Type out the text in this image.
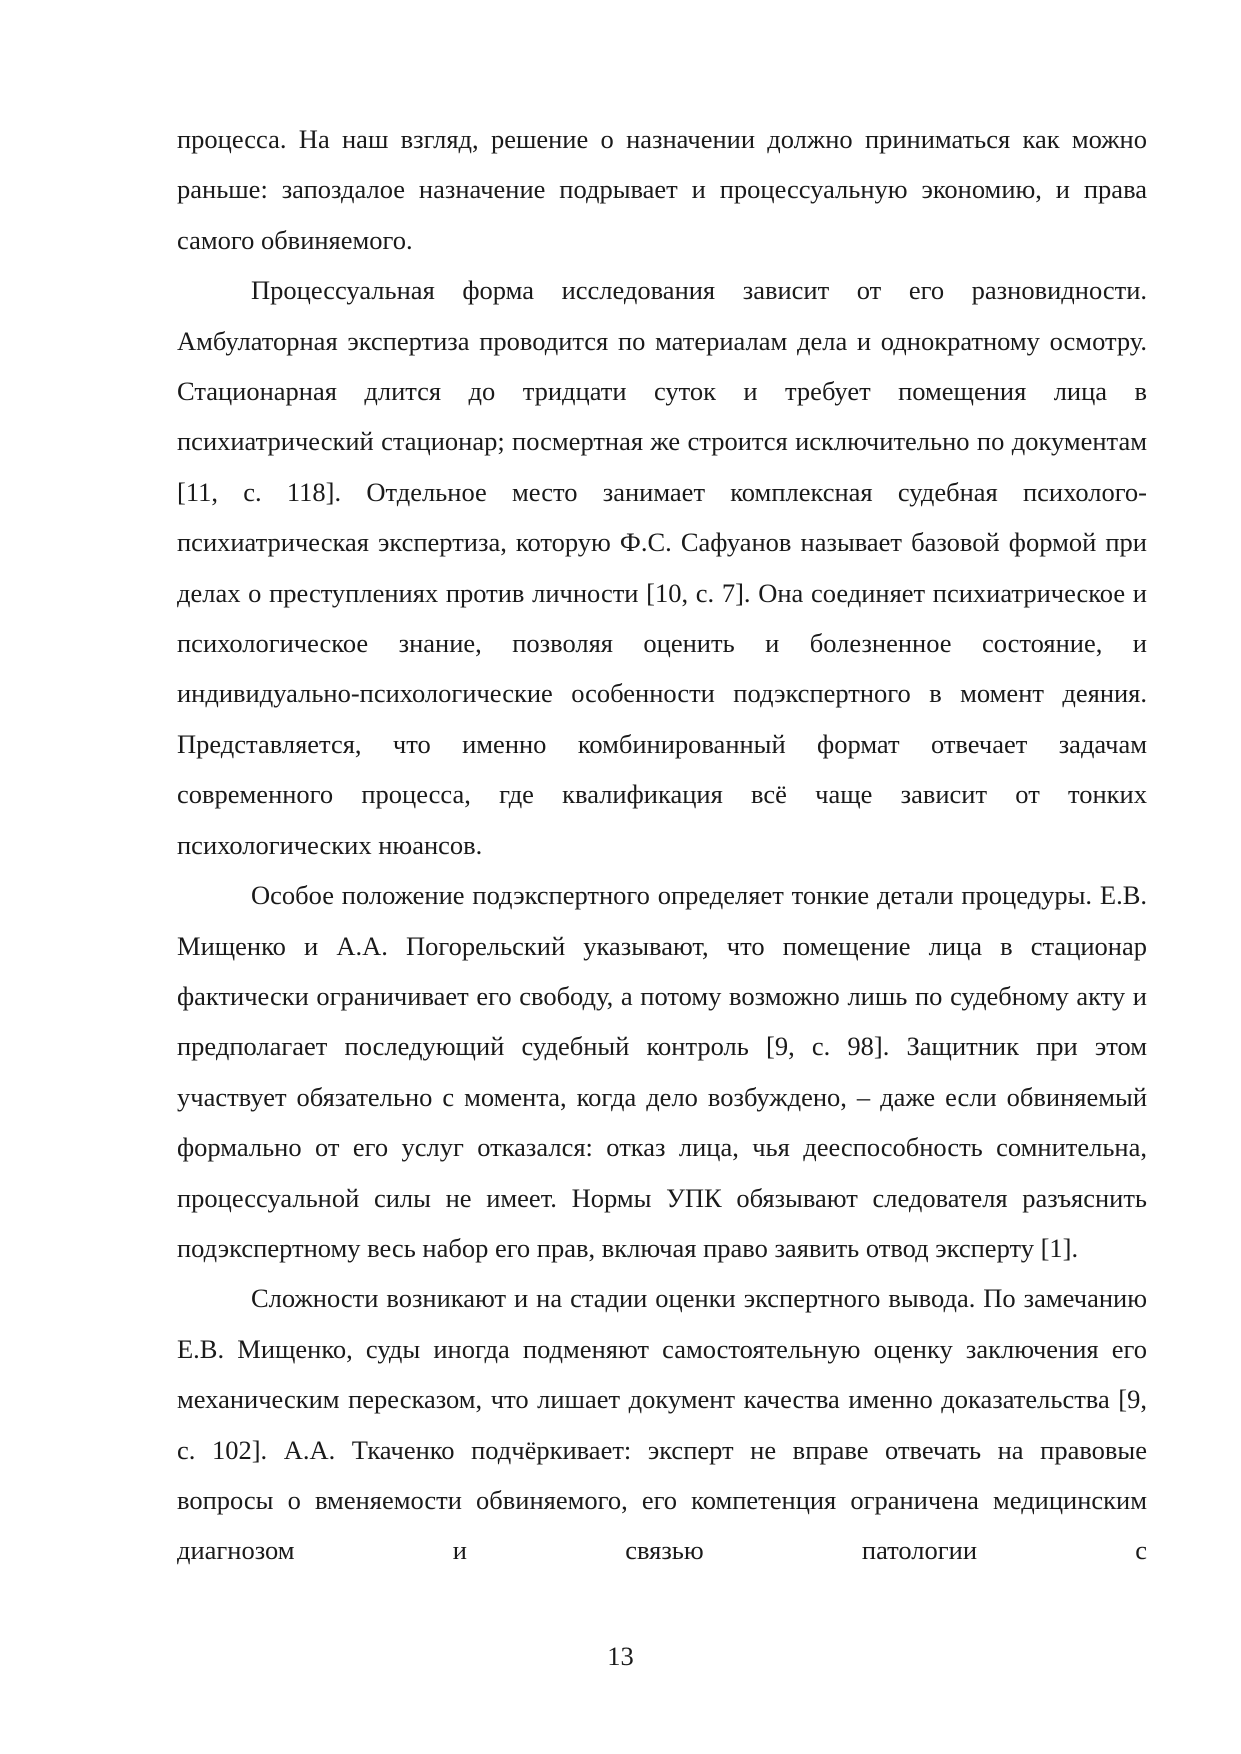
процесса. На наш взгляд, решение о назначении должно приниматься как можно раньше: запоздалое назначение подрывает и процессуальную экономию, и права самого обвиняемого.

Процессуальная форма исследования зависит от его разновидности. Амбулаторная экспертиза проводится по материалам дела и однократному осмотру. Стационарная длится до тридцати суток и требует помещения лица в психиатрический стационар; посмертная же строится исключительно по документам [11, с. 118]. Отдельное место занимает комплексная судебная психолого-психиатрическая экспертиза, которую Ф.С. Сафуанов называет базовой формой при делах о преступлениях против личности [10, с. 7]. Она соединяет психиатрическое и психологическое знание, позволяя оценить и болезненное состояние, и индивидуально-психологические особенности подэкспертного в момент деяния. Представляется, что именно комбинированный формат отвечает задачам современного процесса, где квалификация всё чаще зависит от тонких психологических нюансов.

Особое положение подэкспертного определяет тонкие детали процедуры. Е.В. Мищенко и А.А. Погорельский указывают, что помещение лица в стационар фактически ограничивает его свободу, а потому возможно лишь по судебному акту и предполагает последующий судебный контроль [9, с. 98]. Защитник при этом участвует обязательно с момента, когда дело возбуждено, – даже если обвиняемый формально от его услуг отказался: отказ лица, чья дееспособность сомнительна, процессуальной силы не имеет. Нормы УПК обязывают следователя разъяснить подэкспертному весь набор его прав, включая право заявить отвод эксперту [1].

Сложности возникают и на стадии оценки экспертного вывода. По замечанию Е.В. Мищенко, суды иногда подменяют самостоятельную оценку заключения его механическим пересказом, что лишает документ качества именно доказательства [9, с. 102]. А.А. Ткаченко подчёркивает: эксперт не вправе отвечать на правовые вопросы о вменяемости обвиняемого, его компетенция ограничена медицинским диагнозом и связью патологии с

13
